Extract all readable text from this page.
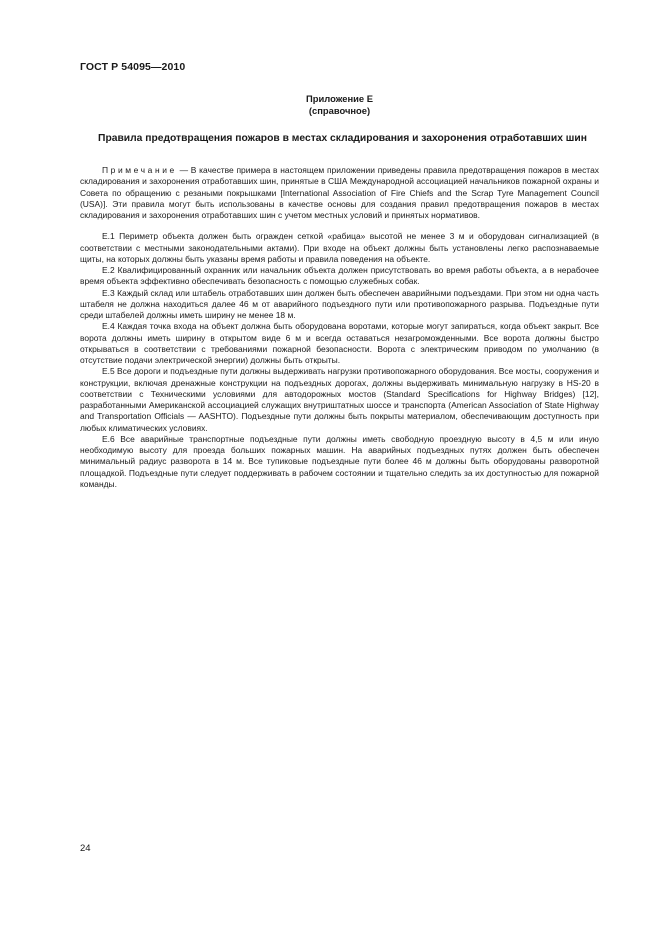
ГОСТ Р 54095—2010
Приложение Е
(справочное)
Правила предотвращения пожаров в местах складирования и захоронения отработавших шин

Примечание — В качестве примера в настоящем приложении приведены правила предотвращения пожаров в местах складирования и захоронения отработавших шин, принятые в США Международной ассоциацией начальников пожарной охраны и Совета по обращению с резаными покрышками [International Association of Fire Chiefs and the Scrap Tyre Management Council (USA)]. Эти правила могут быть использованы в качестве основы для создания правил предотвращения пожаров в местах складирования и захоронения отработавших шин с учетом местных условий и принятых нормативов.

Е.1 Периметр объекта должен быть огражден сеткой «рабица» высотой не менее 3 м и оборудован сигнализацией (в соответствии с местными законодательными актами). При входе на объект должны быть установлены легко распознаваемые щиты, на которых должны быть указаны время работы и правила поведения на объекте.

Е.2 Квалифицированный охранник или начальник объекта должен присутствовать во время работы объекта, а в нерабочее время объекта эффективно обеспечивать безопасность с помощью служебных собак.

Е.3 Каждый склад или штабель отработавших шин должен быть обеспечен аварийными подъездами. При этом ни одна часть штабеля не должна находиться далее 46 м от аварийного подъездного пути или противопожарного разрыва. Подъездные пути среди штабелей должны иметь ширину не менее 18 м.

Е.4 Каждая точка входа на объект должна быть оборудована воротами, которые могут запираться, когда объект закрыт. Все ворота должны иметь ширину в открытом виде 6 м и всегда оставаться незагроможденными. Все ворота должны быстро открываться в соответствии с требованиями пожарной безопасности. Ворота с электрическим приводом по умолчанию (в отсутствие подачи электрической энергии) должны быть открыты.

Е.5 Все дороги и подъездные пути должны выдерживать нагрузки противопожарного оборудования. Все мосты, сооружения и конструкции, включая дренажные конструкции на подъездных дорогах, должны выдерживать минимальную нагрузку в HS-20 в соответствии с Техническими условиями для автодорожных мостов (Standard Specifications for Highway Bridges) [12], разработанными Американской ассоциацией служащих внутриштатных шоссе и транспорта (American Association of State Highway and Transportation Officials — AASHTO). Подъездные пути должны быть покрыты материалом, обеспечивающим доступность при любых климатических условиях.

Е.6 Все аварийные транспортные подъездные пути должны иметь свободную проездную высоту в 4,5 м или иную необходимую высоту для проезда больших пожарных машин. На аварийных подъездных путях должен быть обеспечен минимальный радиус разворота в 14 м. Все тупиковые подъездные пути более 46 м должны быть оборудованы разворотной площадкой. Подъездные пути следует поддерживать в рабочем состоянии и тщательно следить за их доступностью для пожарной команды.

24
